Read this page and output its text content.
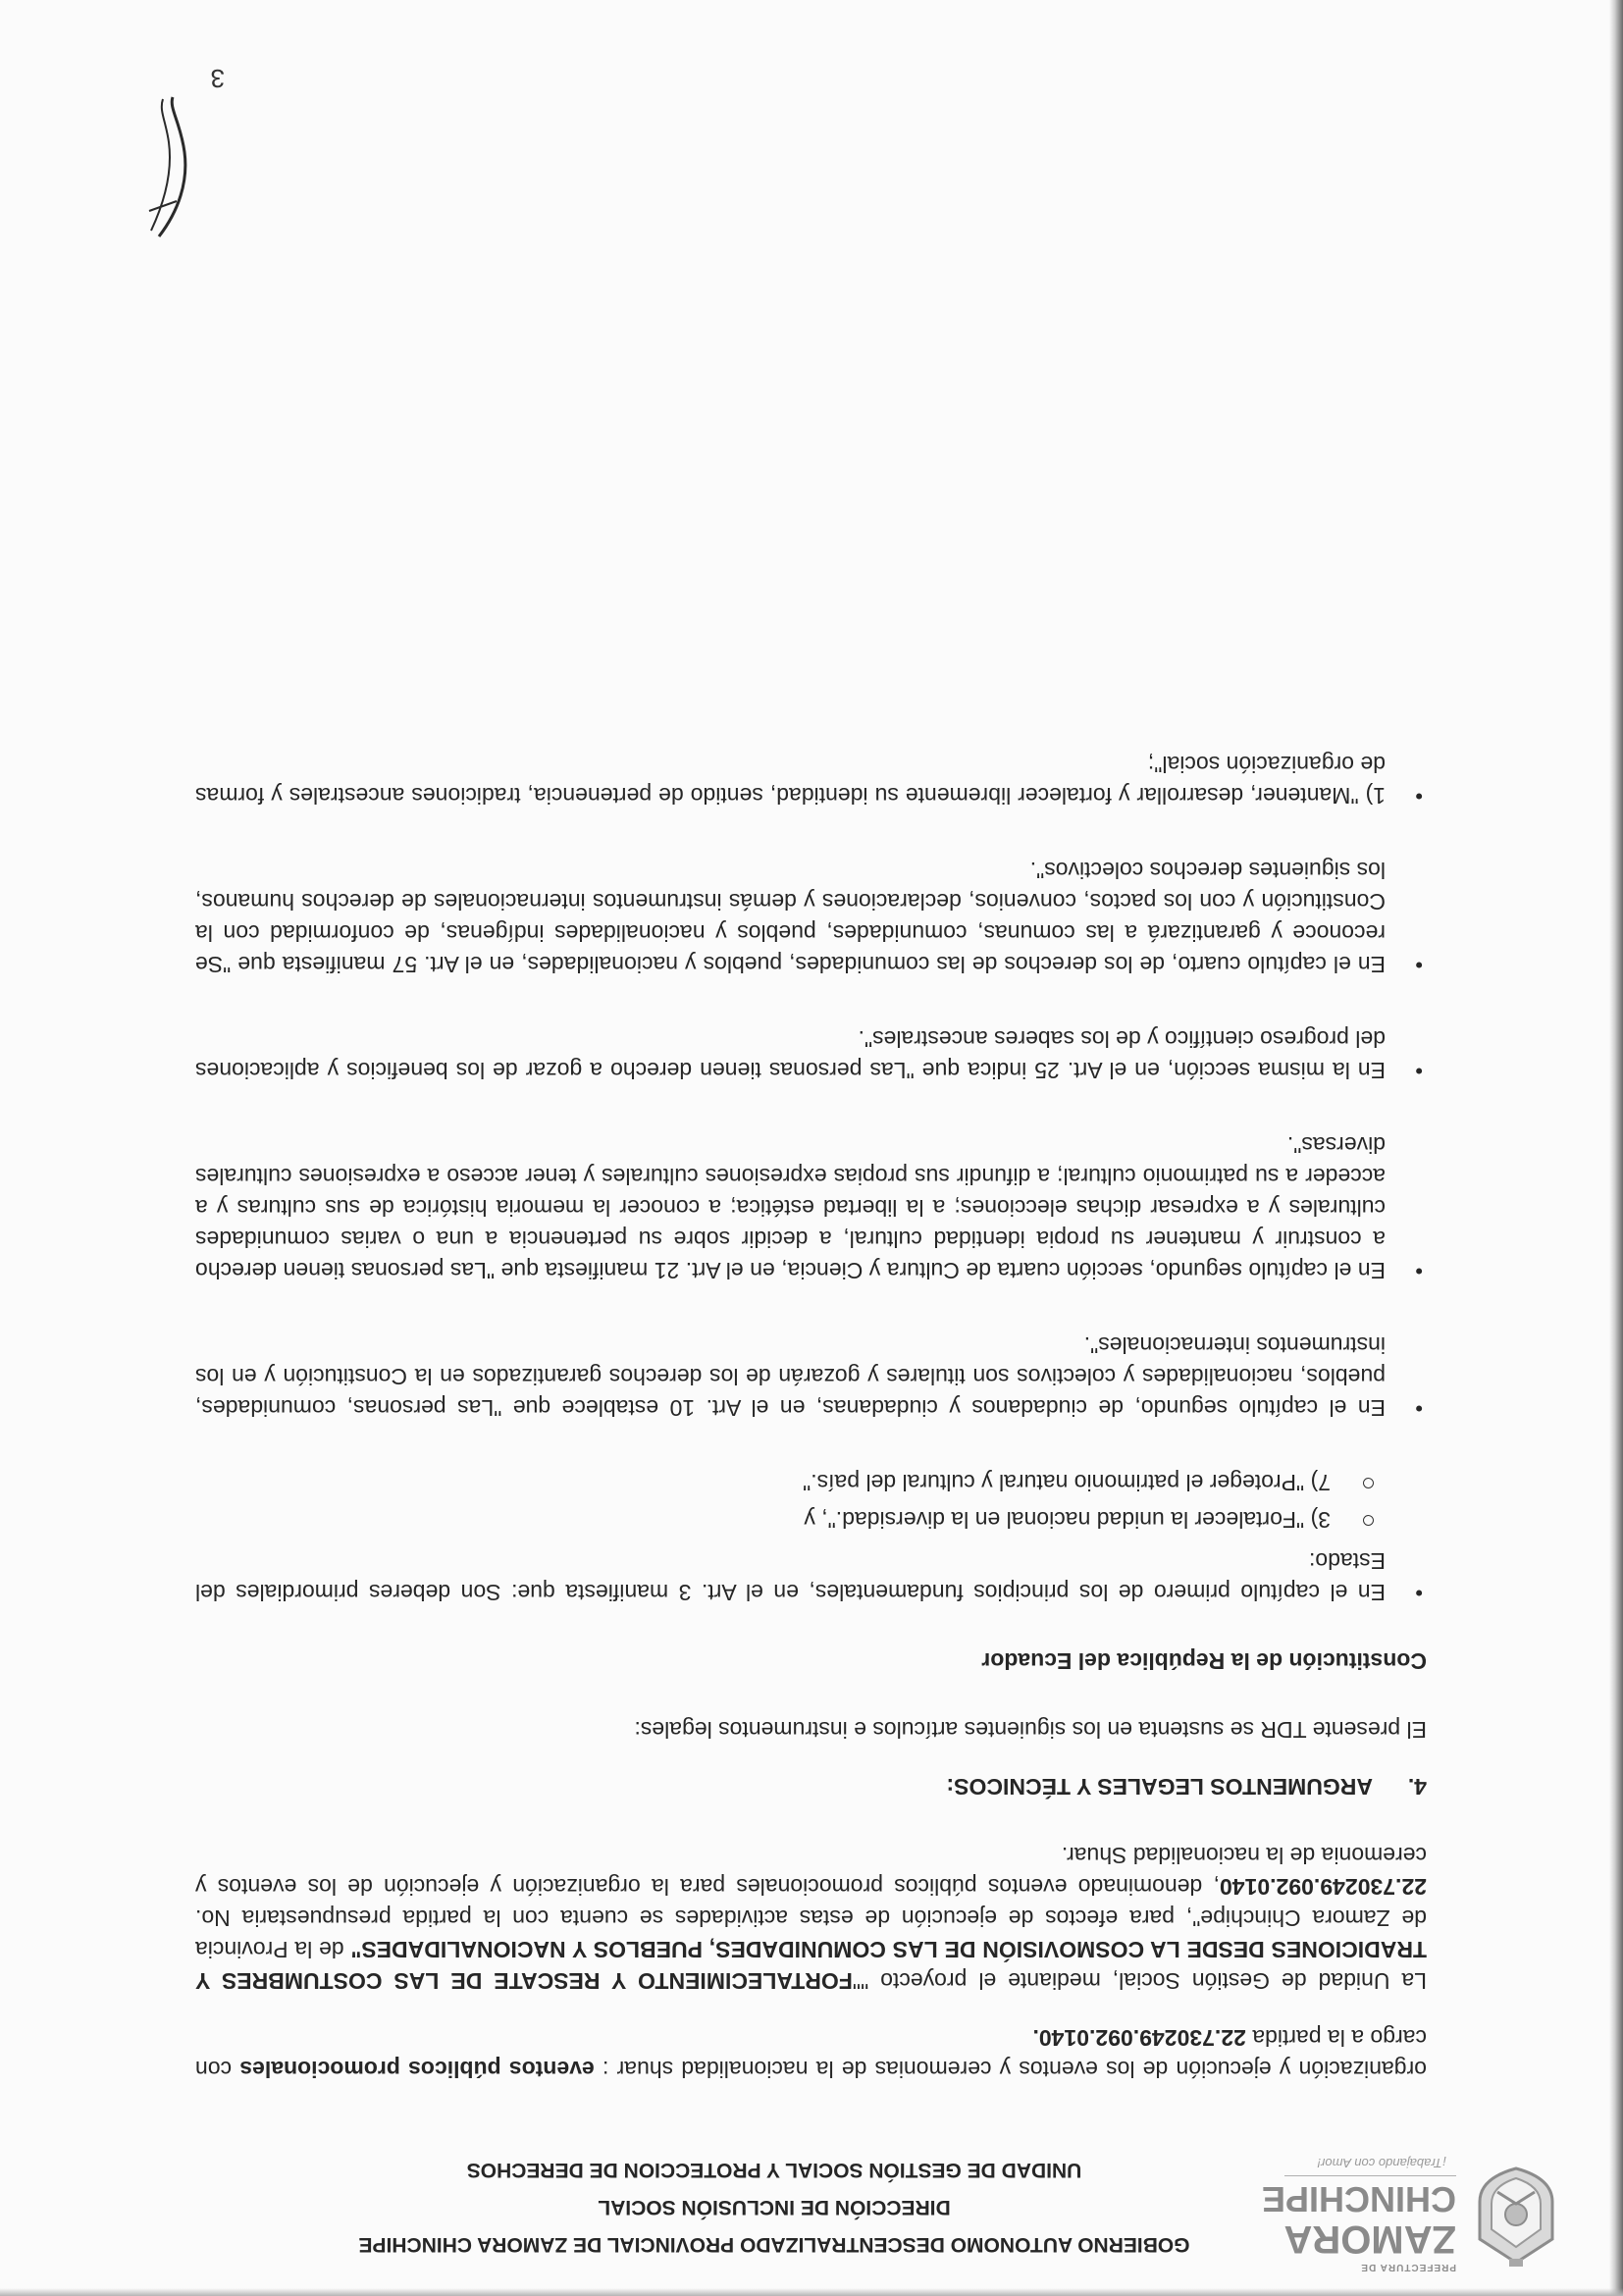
PREFECTURA DE
ZAMORA
CHINCHIPE
¡Trabajando con Amor!
GOBIERNO AUTONOMO DESCENTRALIZADO PROVINCIAL DE ZAMORA CHINCHIPE
DIRECCIÓN DE INCLUSIÓN SOCIAL
UNIDAD DE GESTIÓN SOCIAL Y PROTECCION DE DERECHOS

organización y ejecución de los eventos y ceremonias de la nacionalidad shuar : eventos públicos promocionales con cargo a la partida 22.730249.092.0140.

La Unidad de Gestión Social, mediante el proyecto ""FORTALECIMIENTO Y RESCATE DE LAS COSTUMBRES Y TRADICIONES DESDE LA COSMOVISIÓN DE LAS COMUNIDADES, PUEBLOS Y NACIONALIDADES" de la Provincia de Zamora Chinchipe", para efectos de ejecución de estas actividades se cuenta con la partida presupuestaria No. 22.730249.092.0140, denominado eventos públicos promocionales para la organización y ejecución de los eventos y ceremonia de la nacionalidad Shuar.

4.ARGUMENTOS LEGALES Y TÉCNICOS:

El presente TDR se sustenta en los siguientes artículos e instrumentos legales:

Constitución de la República del Ecuador

• En el capítulo primero de los principios fundamentales, en el Art. 3 manifiesta que: Son deberes primordiales del Estado:
3) "Fortalecer la unidad nacional en la diversidad.", y
7) "Proteger el patrimonio natural y cultural del país."
• En el capítulo segundo, de ciudadanos y ciudadanas, en el Art. 10 establece que "Las personas, comunidades, pueblos, nacionalidades y colectivos son titulares y gozarán de los derechos garantizados en la Constitución y en los instrumentos internacionales".
• En el capítulo segundo, sección cuarta de Cultura y Ciencia, en el Art. 21 manifiesta que "Las personas tienen derecho a construir y mantener su propia identidad cultural, a decidir sobre su pertenencia a una o varias comunidades culturales y a expresar dichas elecciones; a la libertad estética; a conocer la memoria histórica de sus culturas y a acceder a su patrimonio cultural; a difundir sus propias expresiones culturales y tener acceso a expresiones culturales diversas".
• En la misma sección, en el Art. 25 indica que "Las personas tienen derecho a gozar de los beneficios y aplicaciones del progreso científico y de los saberes ancestrales".
• En el capítulo cuarto, de los derechos de las comunidades, pueblos y nacionalidades, en el Art. 57 manifiesta que "Se reconoce y garantizará a las comunas, comunidades, pueblos y nacionalidades indígenas, de conformidad con la Constitución y con los pactos, convenios, declaraciones y demás instrumentos internacionales de derechos humanos, los siguientes derechos colectivos".
• 1) "Mantener, desarrollar y fortalecer libremente su identidad, sentido de pertenencia, tradiciones ancestrales y formas de organización social";
3
